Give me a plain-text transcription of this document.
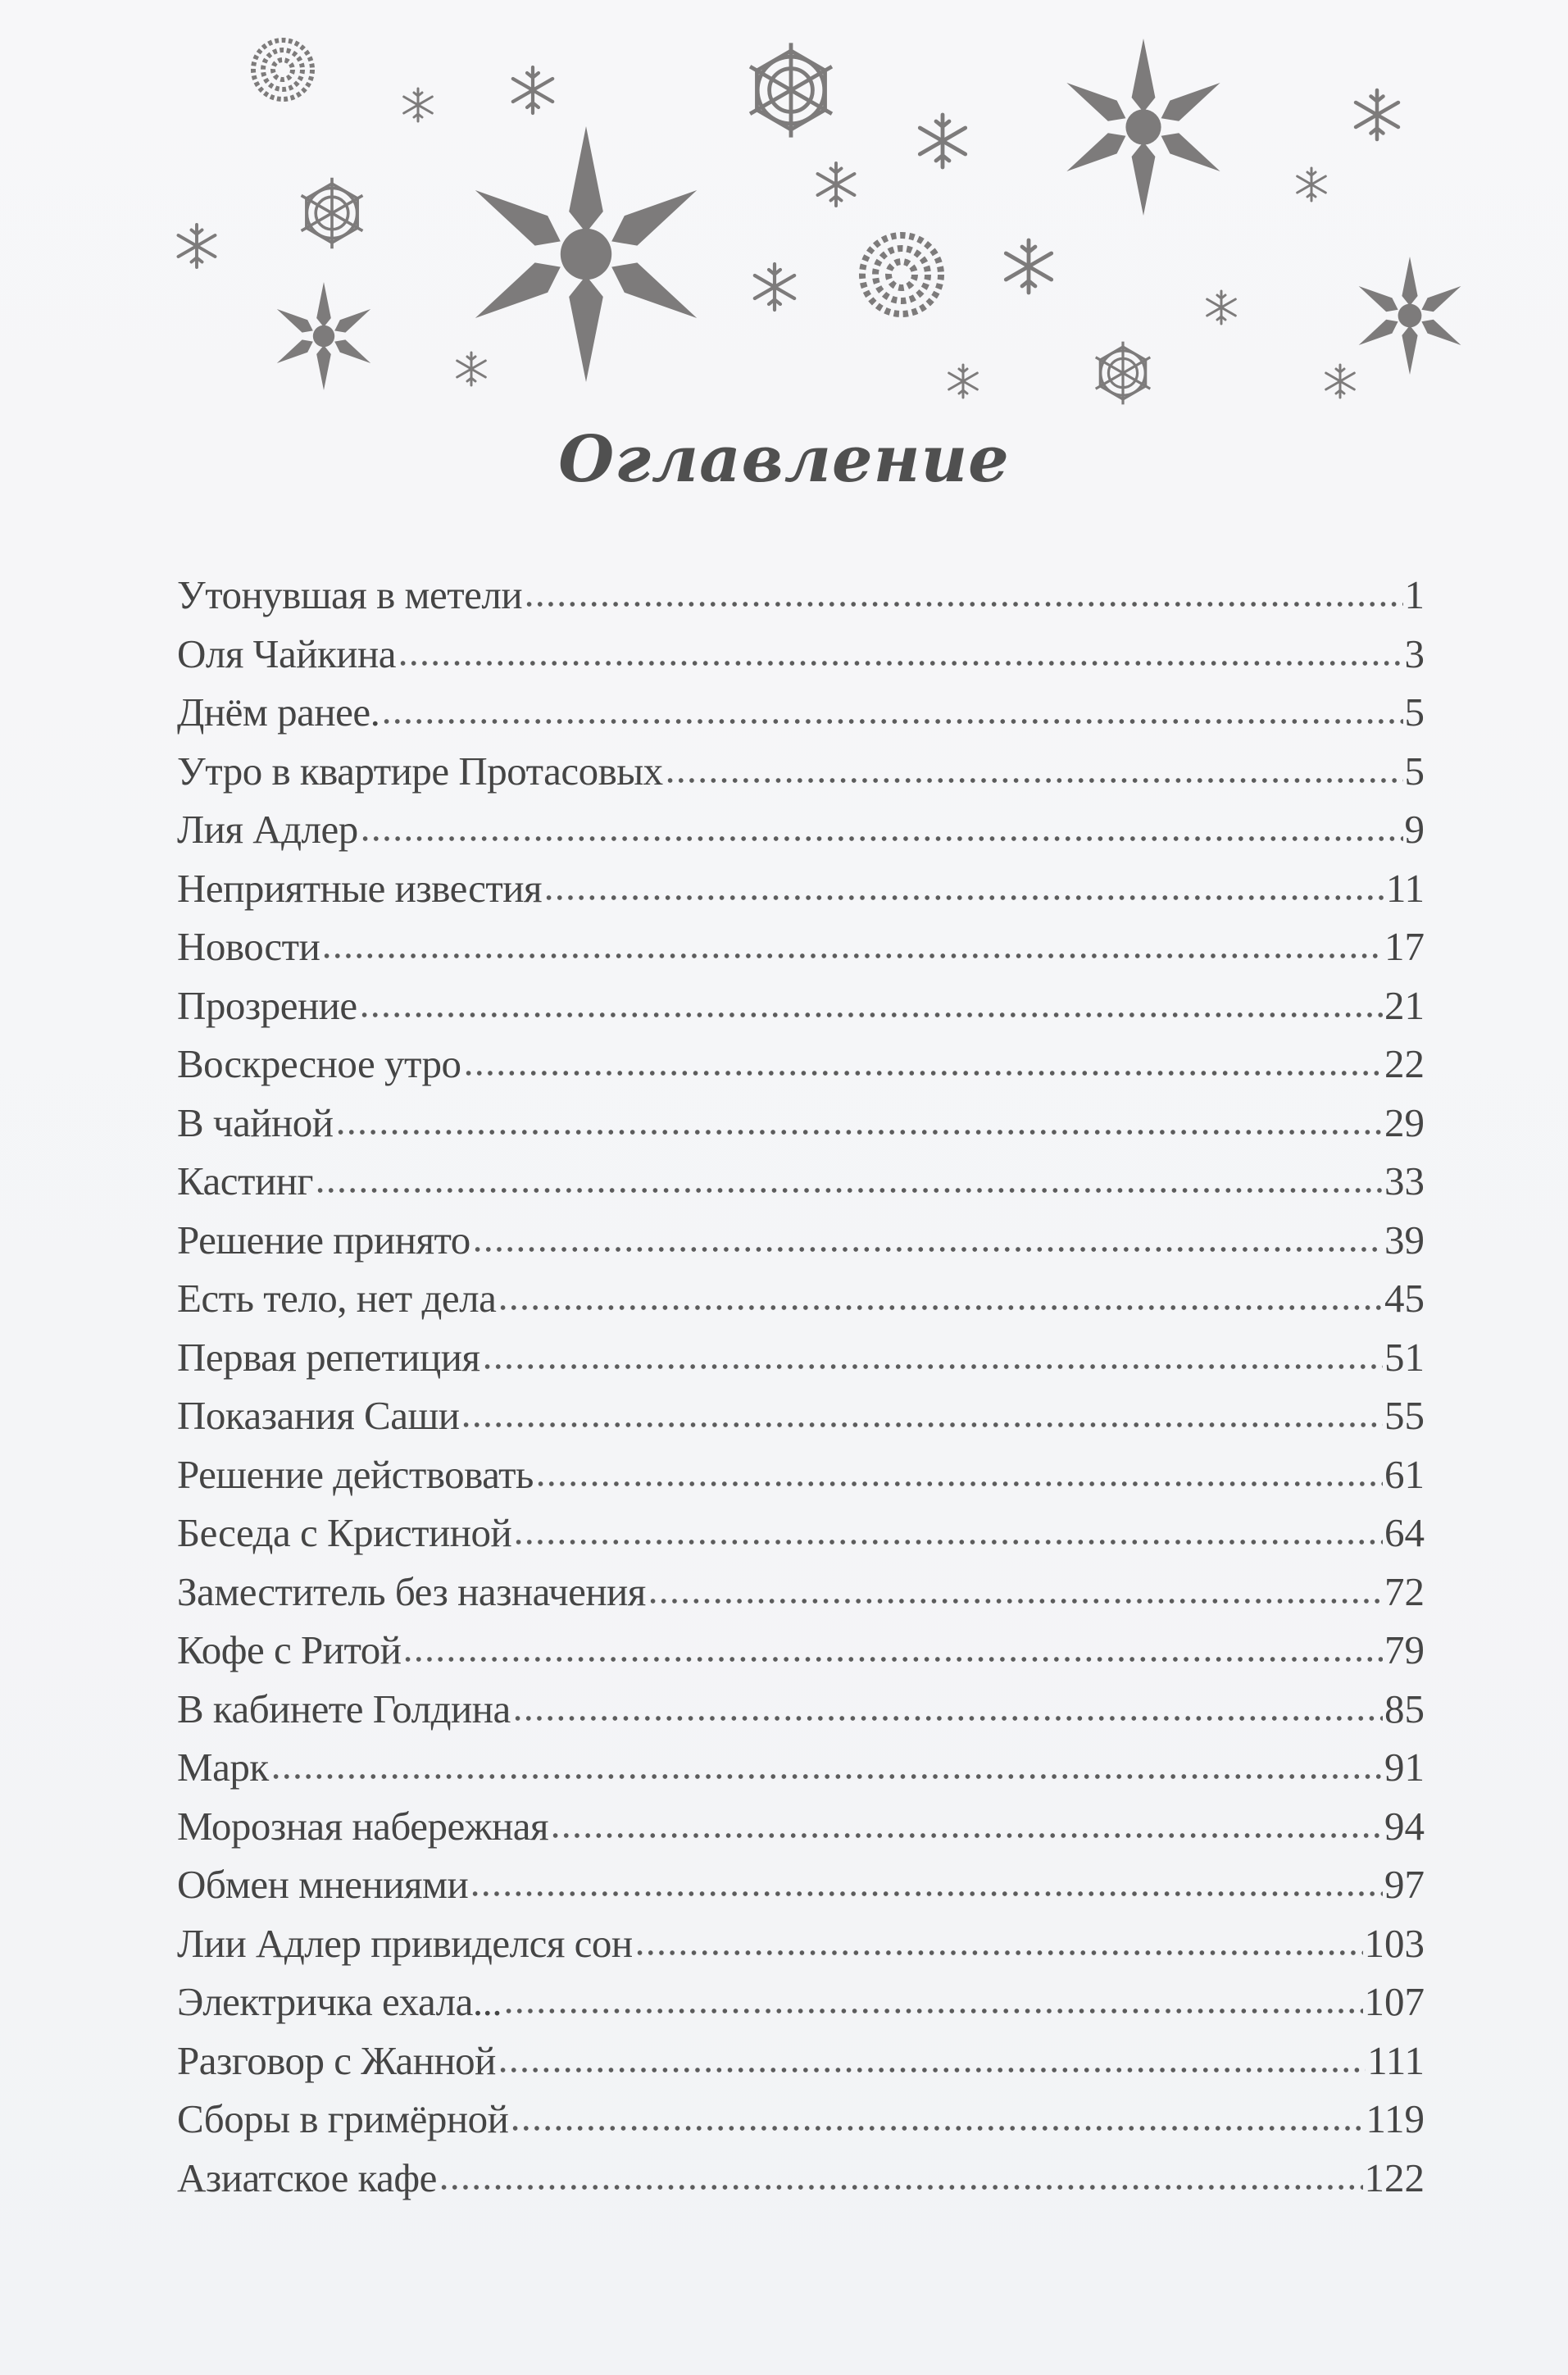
Оглавление
Утонувшая в метели	1
Оля Чайкина	3
Днём ранее.	5
Утро в квартире Протасовых	5
Лия Адлер	9
Неприятные известия	11
Новости	17
Прозрение	21
Воскресное утро	22
В чайной	29
Кастинг	33
Решение принято	39
Есть тело, нет дела	45
Первая репетиция	51
Показания Саши	55
Решение действовать	61
Беседа с Кристиной	64
Заместитель без назначения	72
Кофе с Ритой	79
В кабинете Голдина	85
Марк	91
Морозная набережная	94
Обмен мнениями	97
Лии Адлер привиделся сон	103
Электричка ехала...	107
Разговор с Жанной	111
Сборы в гримёрной	119
Азиатское кафе	122
